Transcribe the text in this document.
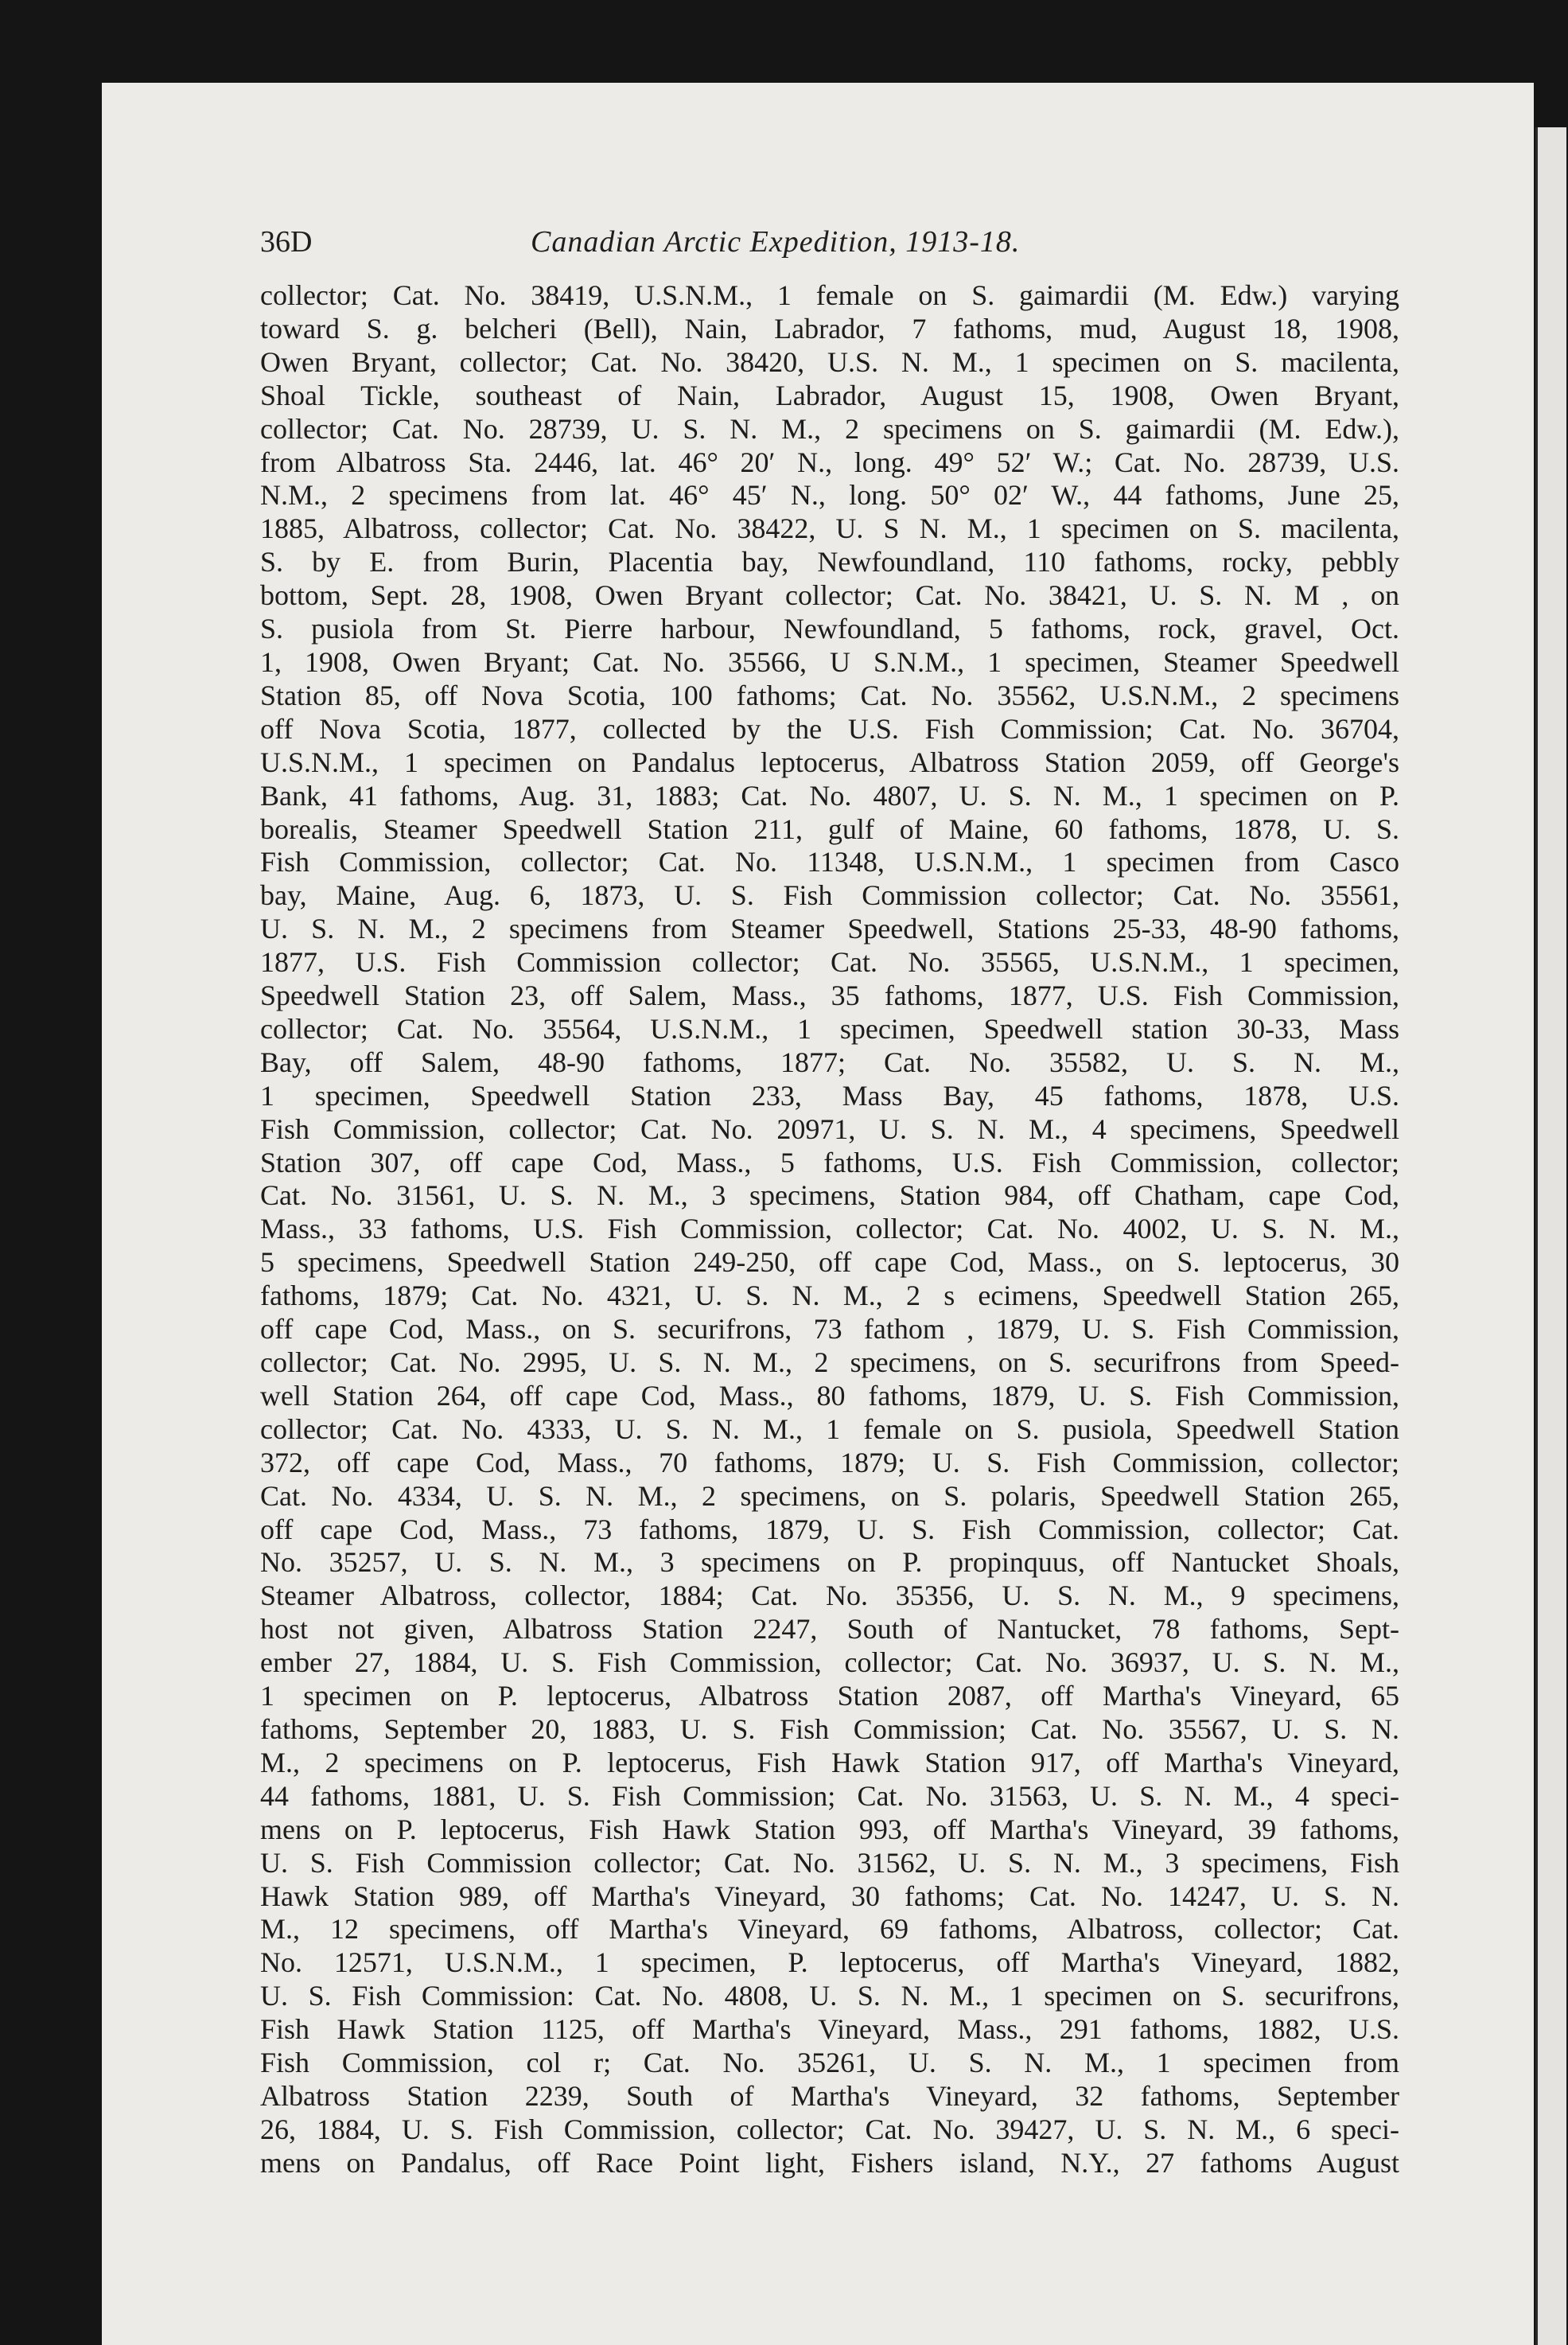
36D	Canadian Arctic Expedition, 1913-18.
collector; Cat. No. 38419, U.S.N.M., 1 female on S. gaimardii (M. Edw.) varying
toward S. g. belcheri (Bell), Nain, Labrador, 7 fathoms, mud, August 18, 1908,
Owen Bryant, collector; Cat. No. 38420, U.S. N. M., 1 specimen on S. macilenta,
Shoal Tickle, southeast of Nain, Labrador, August 15, 1908, Owen Bryant,
collector; Cat. No. 28739, U. S. N. M., 2 specimens on S. gaimardii (M. Edw.),
from Albatross Sta. 2446, lat. 46° 20′ N., long. 49° 52′ W.; Cat. No. 28739, U.S.
N.M., 2 specimens from lat. 46° 45′ N., long. 50° 02′ W., 44 fathoms, June 25,
1885, Albatross, collector; Cat. No. 38422, U. S N. M., 1 specimen on S. macilenta,
S. by E. from Burin, Placentia bay, Newfoundland, 110 fathoms, rocky, pebbly
bottom, Sept. 28, 1908, Owen Bryant collector; Cat. No. 38421, U. S. N. M , on
S. pusiola from St. Pierre harbour, Newfoundland, 5 fathoms, rock, gravel, Oct.
1, 1908, Owen Bryant; Cat. No. 35566, U S.N.M., 1 specimen, Steamer Speedwell
Station 85, off Nova Scotia, 100 fathoms; Cat. No. 35562, U.S.N.M., 2 specimens
off Nova Scotia, 1877, collected by the U.S. Fish Commission; Cat. No. 36704,
U.S.N.M., 1 specimen on Pandalus leptocerus, Albatross Station 2059, off George's
Bank, 41 fathoms, Aug. 31, 1883; Cat. No. 4807, U. S. N. M., 1 specimen on P.
borealis, Steamer Speedwell Station 211, gulf of Maine, 60 fathoms, 1878, U. S.
Fish Commission, collector; Cat. No. 11348, U.S.N.M., 1 specimen from Casco
bay, Maine, Aug. 6, 1873, U. S. Fish Commission collector; Cat. No. 35561,
U. S. N. M., 2 specimens from Steamer Speedwell, Stations 25-33, 48-90 fathoms,
1877, U.S. Fish Commission collector; Cat. No. 35565, U.S.N.M., 1 specimen,
Speedwell Station 23, off Salem, Mass., 35 fathoms, 1877, U.S. Fish Commission,
collector; Cat. No. 35564, U.S.N.M., 1 specimen, Speedwell station 30-33, Mass
Bay, off Salem, 48-90 fathoms, 1877; Cat. No. 35582, U. S. N. M.,
1 specimen, Speedwell Station 233, Mass Bay, 45 fathoms, 1878, U.S.
Fish Commission, collector; Cat. No. 20971, U. S. N. M., 4 specimens, Speedwell
Station 307, off cape Cod, Mass., 5 fathoms, U.S. Fish Commission, collector;
Cat. No. 31561, U. S. N. M., 3 specimens, Station 984, off Chatham, cape Cod,
Mass., 33 fathoms, U.S. Fish Commission, collector; Cat. No. 4002, U. S. N. M.,
5 specimens, Speedwell Station 249-250, off cape Cod, Mass., on S. leptocerus, 30
fathoms, 1879; Cat. No. 4321, U. S. N. M., 2 s ecimens, Speedwell Station 265,
off cape Cod, Mass., on S. securifrons, 73 fathom , 1879, U. S. Fish Commission,
collector; Cat. No. 2995, U. S. N. M., 2 specimens, on S. securifrons from Speed-
well Station 264, off cape Cod, Mass., 80 fathoms, 1879, U. S. Fish Commission,
collector; Cat. No. 4333, U. S. N. M., 1 female on S. pusiola, Speedwell Station
372, off cape Cod, Mass., 70 fathoms, 1879; U. S. Fish Commission, collector;
Cat. No. 4334, U. S. N. M., 2 specimens, on S. polaris, Speedwell Station 265,
off cape Cod, Mass., 73 fathoms, 1879, U. S. Fish Commission, collector; Cat.
No. 35257, U. S. N. M., 3 specimens on P. propinquus, off Nantucket Shoals,
Steamer Albatross, collector, 1884; Cat. No. 35356, U. S. N. M., 9 specimens,
host not given, Albatross Station 2247, South of Nantucket, 78 fathoms, Sept-
ember 27, 1884, U. S. Fish Commission, collector; Cat. No. 36937, U. S. N. M.,
1 specimen on P. leptocerus, Albatross Station 2087, off Martha's Vineyard, 65
fathoms, September 20, 1883, U. S. Fish Commission; Cat. No. 35567, U. S. N.
M., 2 specimens on P. leptocerus, Fish Hawk Station 917, off Martha's Vineyard,
44 fathoms, 1881, U. S. Fish Commission; Cat. No. 31563, U. S. N. M., 4 speci-
mens on P. leptocerus, Fish Hawk Station 993, off Martha's Vineyard, 39 fathoms,
U. S. Fish Commission collector; Cat. No. 31562, U. S. N. M., 3 specimens, Fish
Hawk Station 989, off Martha's Vineyard, 30 fathoms; Cat. No. 14247, U. S. N.
M., 12 specimens, off Martha's Vineyard, 69 fathoms, Albatross, collector; Cat.
No. 12571, U.S.N.M., 1 specimen, P. leptocerus, off Martha's Vineyard, 1882,
U. S. Fish Commission: Cat. No. 4808, U. S. N. M., 1 specimen on S. securifrons,
Fish Hawk Station 1125, off Martha's Vineyard, Mass., 291 fathoms, 1882, U.S.
Fish Commission, col r; Cat. No. 35261, U. S. N. M., 1 specimen from
Albatross Station 2239, South of Martha's Vineyard, 32 fathoms, September
26, 1884, U. S. Fish Commission, collector; Cat. No. 39427, U. S. N. M., 6 speci-
mens on Pandalus, off Race Point light, Fishers island, N.Y., 27 fathoms August
